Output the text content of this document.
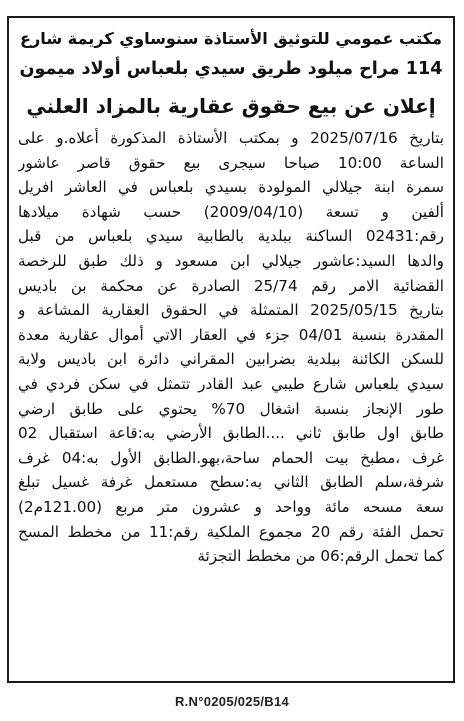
مكتب عمومي للتوثيق الأستاذة سنوساوي كريمة شارع
114 مراح ميلود طريق سيدي بلعباس أولاد ميمون
إعلان عن بيع حقوق عقارية بالمزاد العلني
بتاريخ 2025/07/16 و بمكتب الأستاذة المذكورة أعلاه.و على
الساعة 10:00 صباحا سيجرى بيع حقوق قاصر عاشور
سمرة ابنة جيلالي المولودة بسيدي بلعباس في العاشر افريل
ألفين و تسعة (2009/04/10) حسب شهادة ميلادها
رقم:02431 الساكنة ببلدية بالطابية سيدي بلعباس من قبل
والدها السيد:عاشور جيلالي ابن مسعود و ذلك طبق للرخصة
القضائية الامر رقم 25/74 الصادرة عن محكمة بن باديس
بتاريخ 2025/05/15 المتمثلة في الحقوق العقارية المشاعة و
المقدرة بنسبة 04/01 جزء في العقار الاتي أموال عقارية معدة
للسكن الكائنة ببلدية بضرابين المقراني دائرة ابن باديس ولاية
سيدي بلعباس شارع طيبي عبد القادر تتمثل في سكن فردي في
طور الإنجاز بنسبة اشغال 70% يحتوي على طابق ارضي
طابق اول طابق ثاني ....الطابق الأرضي به:قاعة استقبال 02
غرف ،مطبخ بيت الحمام ساحة،بهو.الطابق الأول به:04 غرف
شرفة،سلم الطابق الثاني به:سطح مستعمل غرفة غسيل تبلغ
سعة مسحه مائة وواحد و عشرون متر مربع (121.00م2)
تحمل الفئة رقم 20 مجموع الملكية رقم:11 من مخطط المسح
كما تحمل الرقم:06 من مخطط التجزئة
R.N°0205/025/B14
